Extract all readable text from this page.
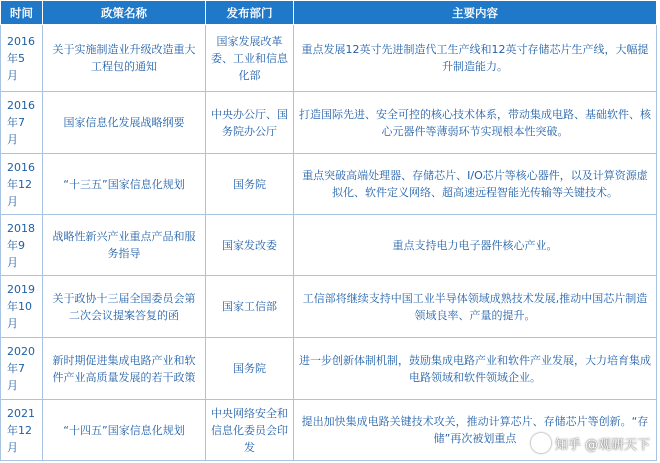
时间	政策名称	发布部门	主要内容
2016
年5
月	关于实施制造业升级改造重大工程包的通知	国家发展改革委、工业和信息化部	重点发展12英寸先进制造代工生产线和12英寸存储芯片生产线，大幅提升制造能力。
2016
年7
月	国家信息化发展战略纲要	中央办公厅、国务院办公厅	打造国际先进、安全可控的核心技术体系，带动集成电路、基础软件、核心元器件等薄弱环节实现根本性突破。
2016
年12
月	“十三五”国家信息化规划	国务院	重点突破高端处理器、存储芯片、I/O芯片等核心器件，以及计算资源虚拟化、软件定义网络、超高速远程智能光传输等关键技术。
2018
年9
月	战略性新兴产业重点产品和服务指导	国家发改委	重点支持电力电子器件核心产业。
2019
年10
月	关于政协十三届全国委员会第二次会议提案答复的函	国家工信部	工信部将继续支持中国工业半导体领域成熟技术发展,推动中国芯片制造领域良率、产量的提升。
2020
年7
月	新时期促进集成电路产业和软件产业高质量发展的若干政策	国务院	进一步创新体制机制，鼓励集成电路产业和软件产业发展，大力培育集成电路领域和软件领域企业。
2021
年12
月	“十四五”国家信息化规划	中央网络安全和信息化委员会印发	提出加快集成电路关键技术攻关，推动计算芯片、存储芯片等创新。“存储”再次被划重点	知乎 @观研天下
